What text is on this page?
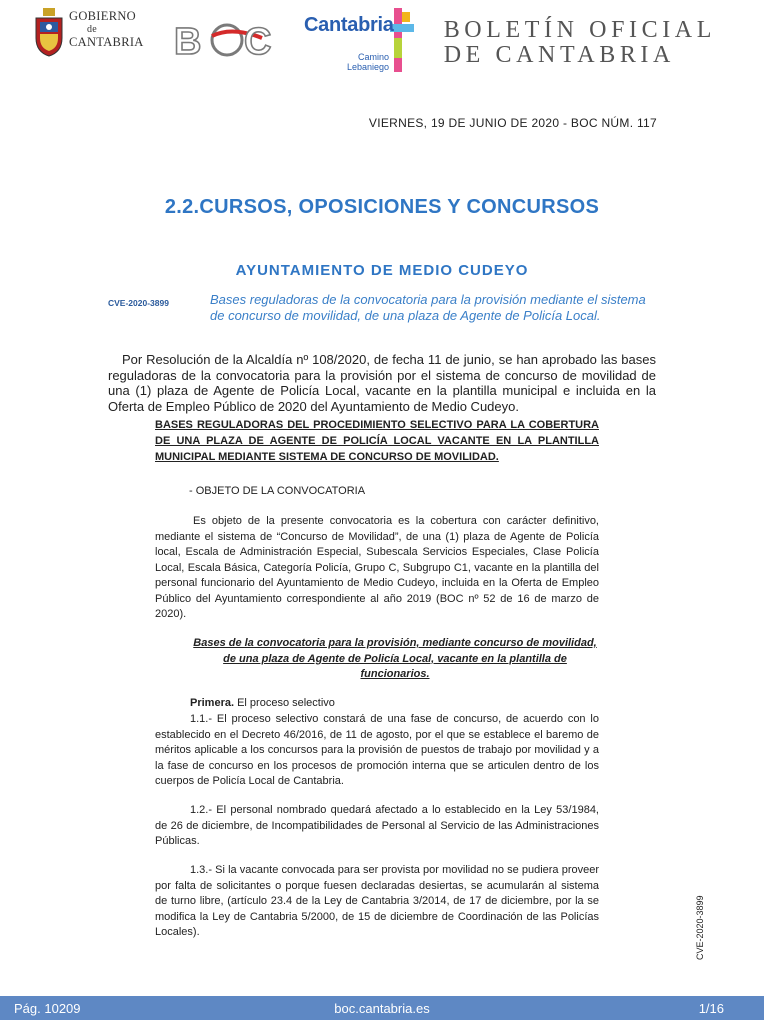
GOBIERNO
de
CANTABRIA B C Cantabria
Camino
Lebaniego
BOLETÍN OFICIAL
DE CANTABRIA
VIERNES, 19 DE JUNIO DE 2020 - BOC NÚM. 117
2.2.CURSOS, OPOSICIONES Y CONCURSOS
AYUNTAMIENTO DE MEDIO CUDEYO
CVE-2020-3899	Bases reguladoras de la convocatoria para la provisión mediante el sistema de concurso de movilidad, de una plaza de Agente de Policía Local.
Por Resolución de la Alcaldía nº 108/2020, de fecha 11 de junio, se han aprobado las bases reguladoras de la convocatoria para la provisión por el sistema de concurso de movilidad de una (1) plaza de Agente de Policía Local, vacante en la plantilla municipal e incluida en la Oferta de Empleo Público de 2020 del Ayuntamiento de Medio Cudeyo.
BASES REGULADORAS DEL PROCEDIMIENTO SELECTIVO PARA LA COBERTURA DE UNA PLAZA DE AGENTE DE POLICÍA LOCAL VACANTE EN LA PLANTILLA MUNICIPAL MEDIANTE SISTEMA DE CONCURSO DE MOVILIDAD.
- OBJETO DE LA CONVOCATORIA
Es objeto de la presente convocatoria es la cobertura con carácter definitivo, mediante el sistema de “Concurso de Movilidad”, de una (1) plaza de Agente de Policía local, Escala de Administración Especial, Subescala Servicios Especiales, Clase Policía Local, Escala Básica, Categoría Policía, Grupo C, Subgrupo C1, vacante en la plantilla del personal funcionario del Ayuntamiento de Medio Cudeyo, incluida en la Oferta de Empleo Público del Ayuntamiento correspondiente al año 2019 (BOC nº 52 de 16 de marzo de 2020).
Bases de la convocatoria para la provisión, mediante concurso de movilidad, de una plaza de Agente de Policía Local, vacante en la plantilla de funcionarios.
Primera. El proceso selectivo
1.1.- El proceso selectivo constará de una fase de concurso, de acuerdo con lo establecido en el Decreto 46/2016, de 11 de agosto, por el que se establece el baremo de méritos aplicable a los concursos para la provisión de puestos de trabajo por movilidad y a la fase de concurso en los procesos de promoción interna que se articulen dentro de los cuerpos de Policía Local de Cantabria.
1.2.- El personal nombrado quedará afectado a lo establecido en la Ley 53/1984, de 26 de diciembre, de Incompatibilidades de Personal al Servicio de las Administraciones Públicas.
1.3.- Si la vacante convocada para ser provista por movilidad no se pudiera proveer por falta de solicitantes o porque fuesen declaradas desiertas, se acumularán al sistema de turno libre, (artículo 23.4 de la Ley de Cantabria 3/2014, de 17 de diciembre, por la se modifica la Ley de Cantabria 5/2000, de 15 de diciembre de Coordinación de las Policías Locales).	CVE-2020-3899
Pág. 10209	boc.cantabria.es	1/16
